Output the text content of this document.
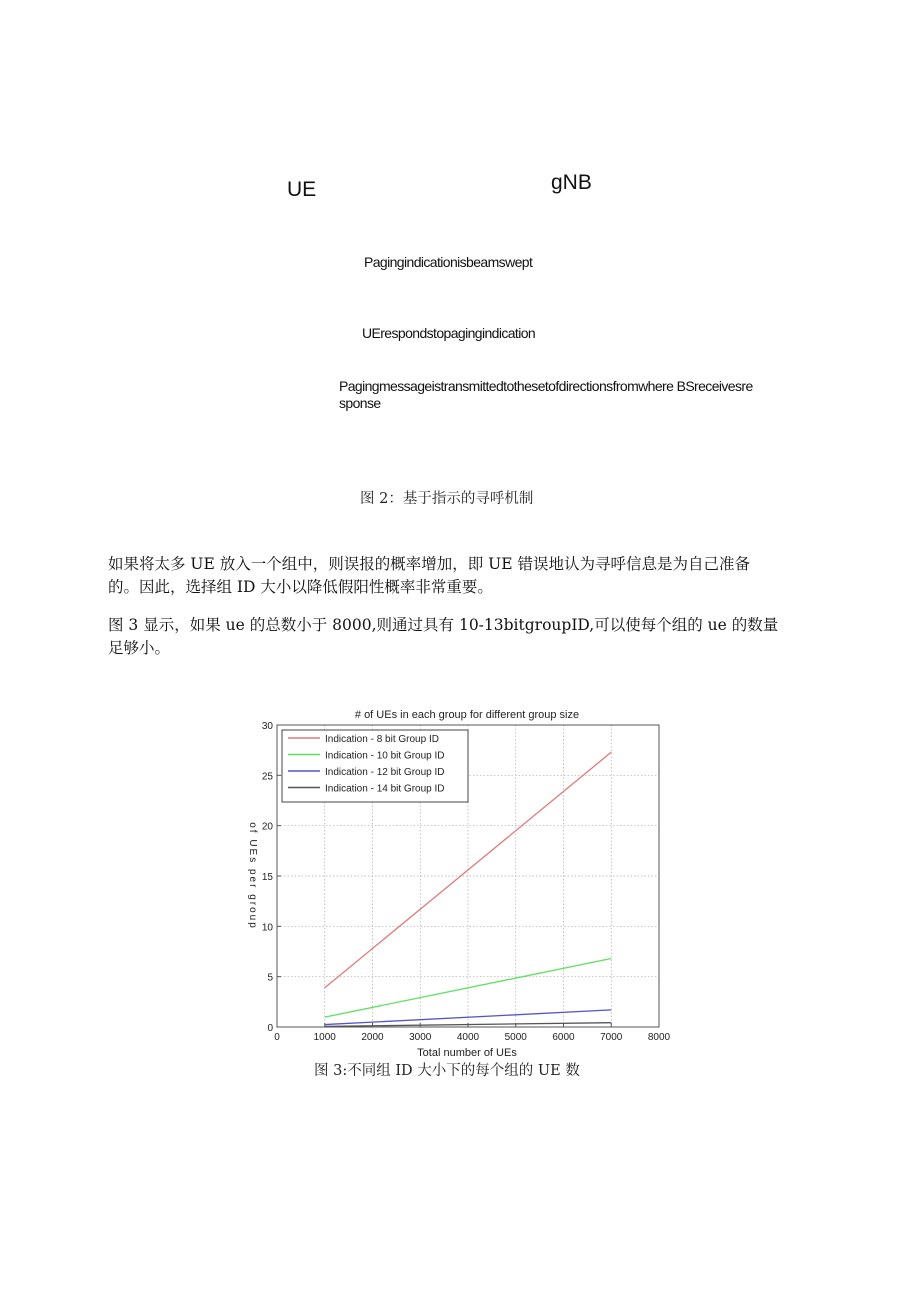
UE	gNB
Pagingindicationisbeamswept
UErespondstopagingindication
Pagingmessageistransmittedtothesetofdirectionsfromwhere BSreceivesre
sponse
图 2：基于指示的寻呼机制
如果将太多 UE 放入一个组中，则误报的概率增加，即 UE 错误地认为寻呼信息是为自己准备
的。因此，选择组 ID 大小以降低假阳性概率非常重要。
图 3 显示，如果 ue 的总数小于 8000,则通过具有 10-13bitgroupID,可以使每个组的 ue 的数量
足够小。
# of UEs in each group for different group size
0	1000	2000	3000	4000	5000	6000	7000	8000
0
5
10
15
20
25
30
Indication - 8 bit Group ID
Indication - 10 bit Group ID
Indication - 12 bit Group ID
Indication - 14 bit Group ID
Total number of UEs
of UEs per group
图 3:不同组 ID 大小下的每个组的 UE 数
